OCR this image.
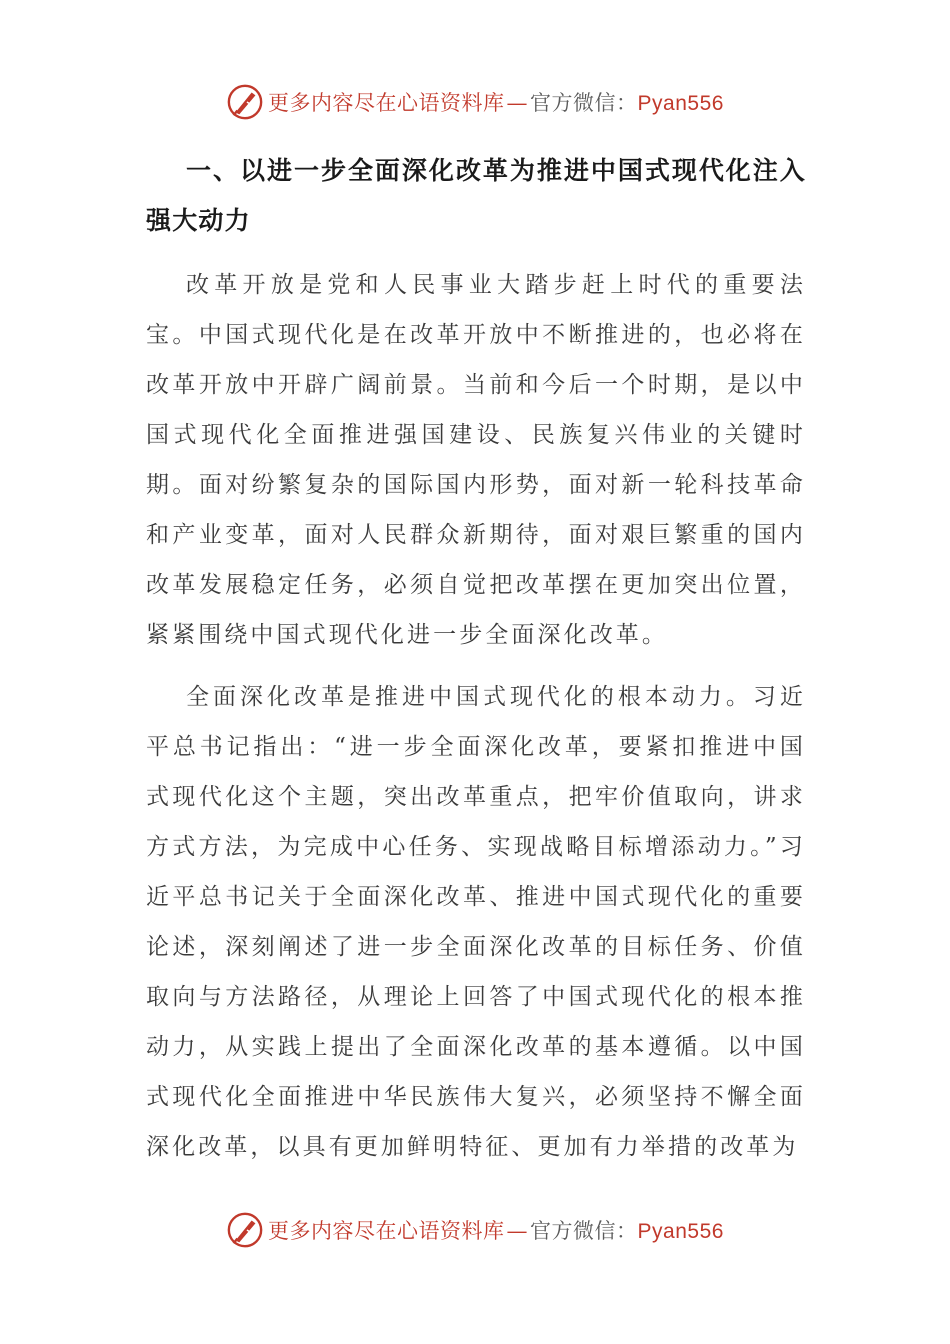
更多内容尽在心语资料库—官方微信：Pyan556
一、以进一步全面深化改革为推进中国式现代化注入强大动力

改革开放是党和人民事业大踏步赶上时代的重要法宝。中国式现代化是在改革开放中不断推进的，也必将在改革开放中开辟广阔前景。当前和今后一个时期，是以中国式现代化全面推进强国建设、民族复兴伟业的关键时期。面对纷繁复杂的国际国内形势，面对新一轮科技革命和产业变革，面对人民群众新期待，面对艰巨繁重的国内改革发展稳定任务，必须自觉把改革摆在更加突出位置，紧紧围绕中国式现代化进一步全面深化改革。

全面深化改革是推进中国式现代化的根本动力。习近平总书记指出：“进一步全面深化改革，要紧扣推进中国式现代化这个主题，突出改革重点，把牢价值取向，讲求方式方法，为完成中心任务、实现战略目标增添动力。”习近平总书记关于全面深化改革、推进中国式现代化的重要论述，深刻阐述了进一步全面深化改革的目标任务、价值取向与方法路径，从理论上回答了中国式现代化的根本推动力，从实践上提出了全面深化改革的基本遵循。以中国式现代化全面推进中华民族伟大复兴，必须坚持不懈全面深化改革，以具有更加鲜明特征、更加有力举措的改革为

更多内容尽在心语资料库—官方微信：Pyan556
